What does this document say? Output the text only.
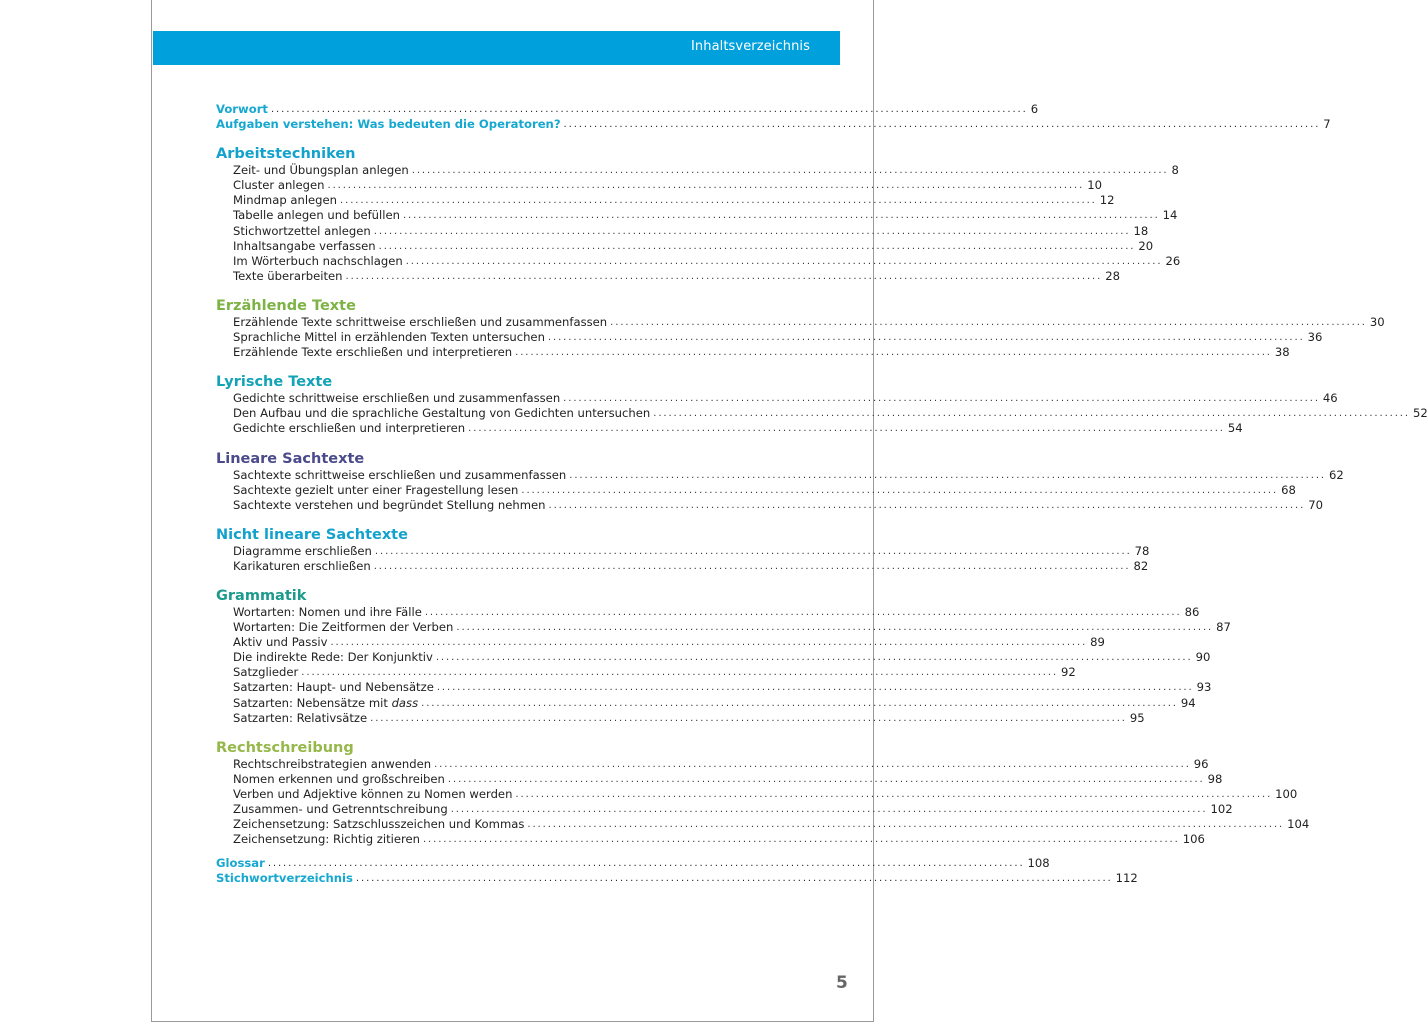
Inhaltsverzeichnis
Vorwort ..................................................................................................................................................... 6
Aufgaben verstehen: Was bedeuten die Operatoren? ..................................................................................................................................................... 7
Arbeitstechniken
Zeit- und Übungsplan anlegen ..................................................................................................................................................... 8
Cluster anlegen ..................................................................................................................................................... 10
Mindmap anlegen ..................................................................................................................................................... 12
Tabelle anlegen und befüllen ..................................................................................................................................................... 14
Stichwortzettel anlegen ..................................................................................................................................................... 18
Inhaltsangabe verfassen ..................................................................................................................................................... 20
Im Wörterbuch nachschlagen ..................................................................................................................................................... 26
Texte überarbeiten ..................................................................................................................................................... 28
Erzählende Texte
Erzählende Texte schrittweise erschließen und zusammenfassen ..................................................................................................................................................... 30
Sprachliche Mittel in erzählenden Texten untersuchen ..................................................................................................................................................... 36
Erzählende Texte erschließen und interpretieren ..................................................................................................................................................... 38
Lyrische Texte
Gedichte schrittweise erschließen und zusammenfassen ..................................................................................................................................................... 46
Den Aufbau und die sprachliche Gestaltung von Gedichten untersuchen ..................................................................................................................................................... 52
Gedichte erschließen und interpretieren ..................................................................................................................................................... 54
Lineare Sachtexte
Sachtexte schrittweise erschließen und zusammenfassen ..................................................................................................................................................... 62
Sachtexte gezielt unter einer Fragestellung lesen ..................................................................................................................................................... 68
Sachtexte verstehen und begründet Stellung nehmen ..................................................................................................................................................... 70
Nicht lineare Sachtexte
Diagramme erschließen ..................................................................................................................................................... 78
Karikaturen erschließen ..................................................................................................................................................... 82
Grammatik
Wortarten: Nomen und ihre Fälle ..................................................................................................................................................... 86
Wortarten: Die Zeitformen der Verben ..................................................................................................................................................... 87
Aktiv und Passiv ..................................................................................................................................................... 89
Die indirekte Rede: Der Konjunktiv ..................................................................................................................................................... 90
Satzglieder ..................................................................................................................................................... 92
Satzarten: Haupt- und Nebensätze ..................................................................................................................................................... 93
Satzarten: Nebensätze mit dass ..................................................................................................................................................... 94
Satzarten: Relativsätze ..................................................................................................................................................... 95
Rechtschreibung
Rechtschreibstrategien anwenden ..................................................................................................................................................... 96
Nomen erkennen und großschreiben ..................................................................................................................................................... 98
Verben und Adjektive können zu Nomen werden ..................................................................................................................................................... 100
Zusammen- und Getrenntschreibung ..................................................................................................................................................... 102
Zeichensetzung: Satzschlusszeichen und Kommas ..................................................................................................................................................... 104
Zeichensetzung: Richtig zitieren ..................................................................................................................................................... 106
Glossar ..................................................................................................................................................... 108
Stichwortverzeichnis ..................................................................................................................................................... 112
5
